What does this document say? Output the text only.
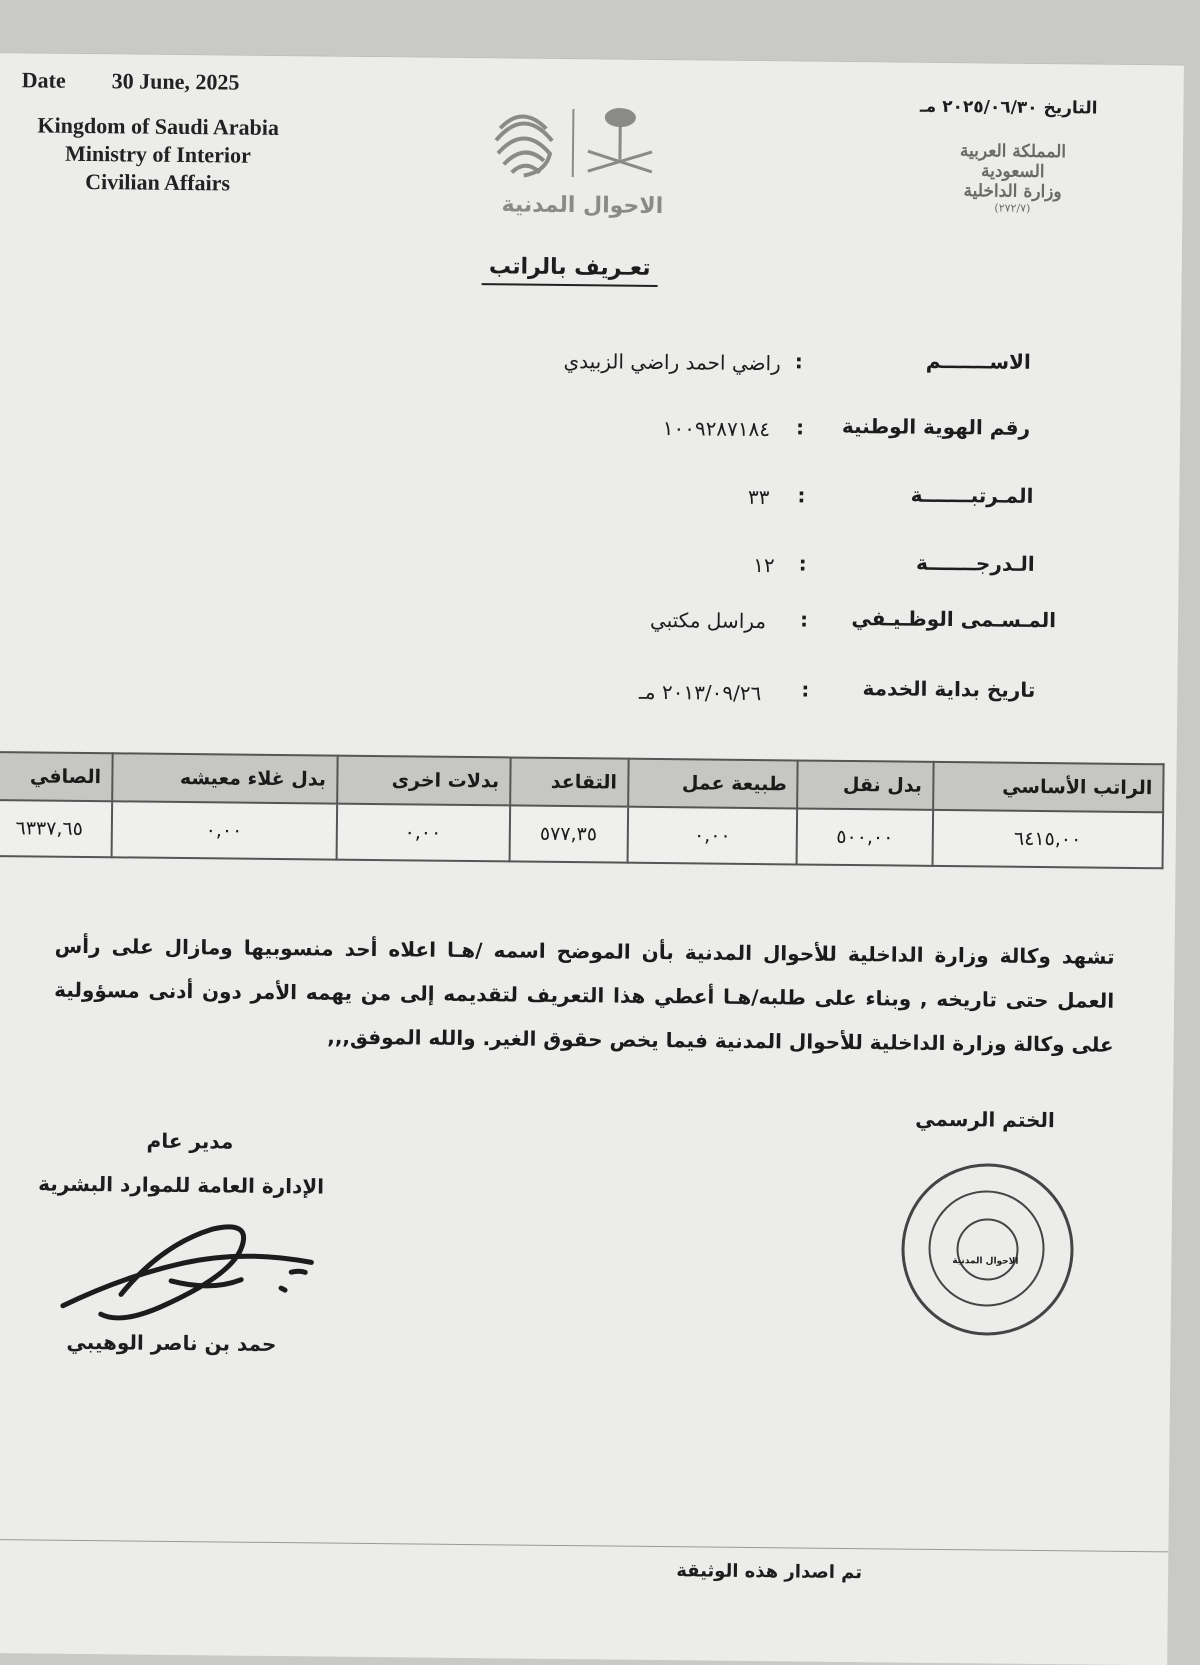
Date 30 June, 2025
Kingdom of Saudi Arabia
Ministry of Interior
Civilian Affairs
الاحوال المدنية
التاريخ ٢٠٢٥/٠٦/٣٠ مـ
المملكة العربية السعودية
وزارة الداخلية
(٢٧٢/٧)
تعـريف بالراتب
الاســـــــم
:
راضي احمد راضي الزبيدي
رقم الهوية الوطنية
:
١٠٠٩٢٨٧١٨٤
المـرتبـــــــة
:
٣٣
الـدرجـــــــة
:
١٢
المـسـمى الوظـيـفي
:
مراسل مكتبي
تاريخ بداية الخدمة
:
٢٠١٣/٠٩/٢٦ مـ
الراتب الأساسي	بدل نقل	طبيعة عمل	التقاعد	بدلات اخرى	بدل غلاء معيشه	الصافي
٦٤١٥,٠٠	٥٠٠,٠٠	٠,٠٠	٥٧٧,٣٥	٠,٠٠	٠,٠٠	٦٣٣٧,٦٥
تشهد وكالة وزارة الداخلية للأحوال المدنية بأن الموضح اسمه /هـا اعلاه أحد منسوبيها ومازال على رأس العمل حتى تاريخه , وبناء على طلبه/هـا أعطي هذا التعريف لتقديمه إلى من يهمه الأمر دون أدنى مسؤولية على وكالة وزارة الداخلية للأحوال المدنية فيما يخص حقوق الغير. والله الموفق,,,
الختم الرسمي
الاحوال المدنية
مدير عام
الإدارة العامة للموارد البشرية
حمد بن ناصر الوهيبي
تم اصدار هذه الوثيقة
